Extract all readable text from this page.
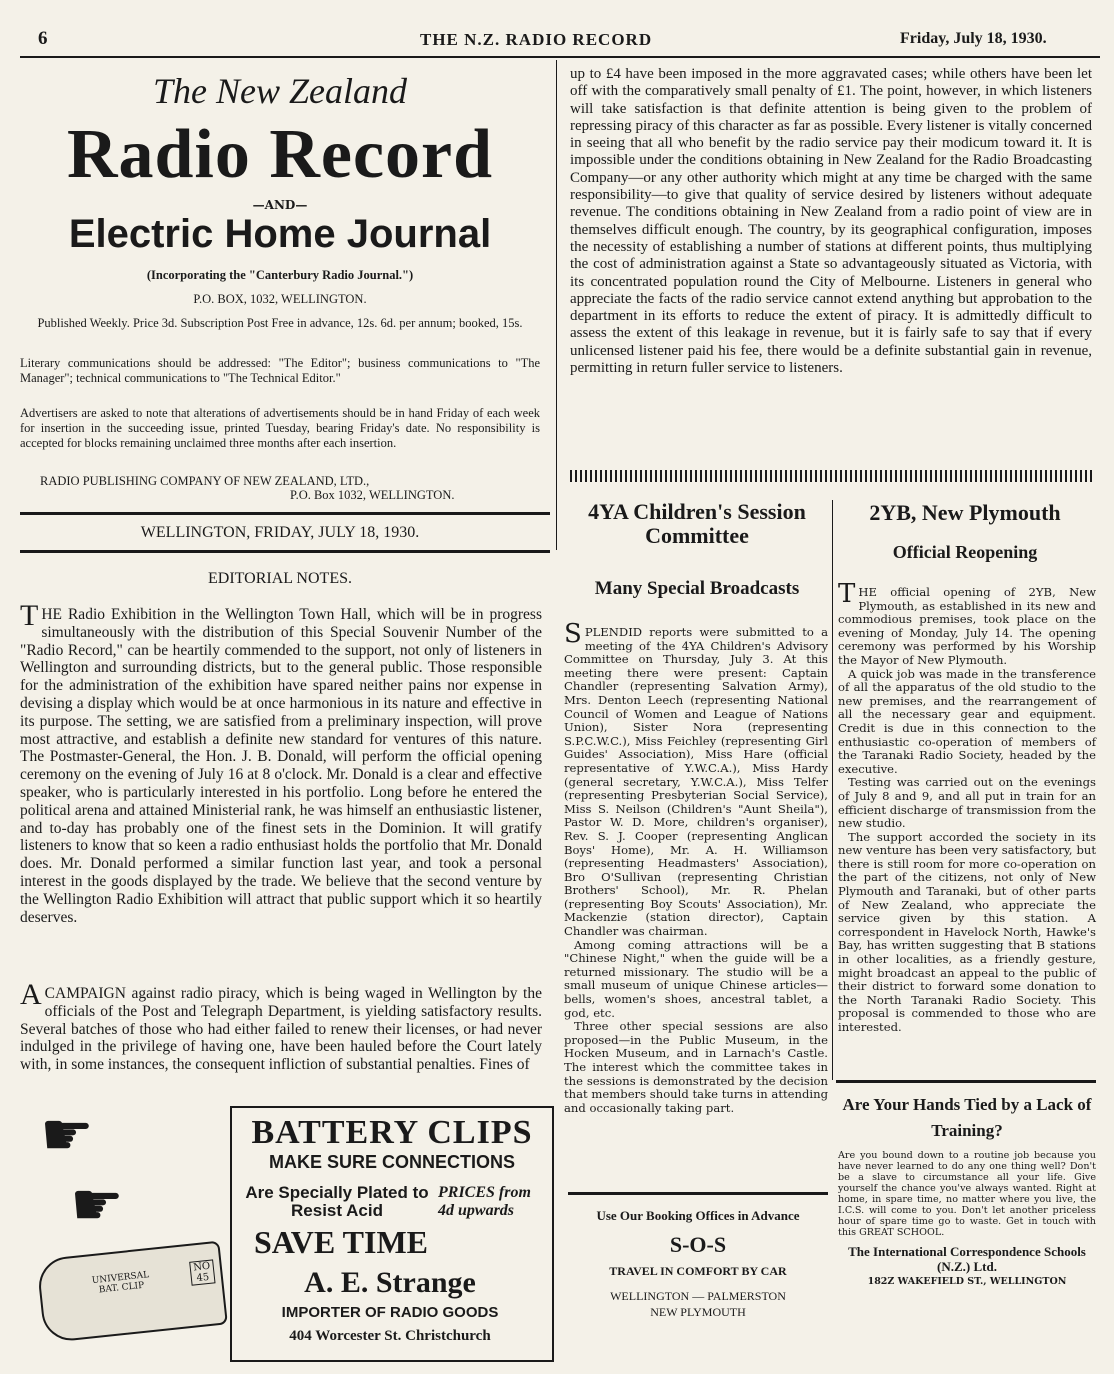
6	THE N.Z. RADIO RECORD	Friday, July 18, 1930.
The New Zealand
Radio Record
—AND—
Electric Home Journal
(Incorporating the "Canterbury Radio Journal.")
P.O. BOX, 1032, WELLINGTON.
Published Weekly. Price 3d. Subscription Post Free in advance, 12s. 6d. per annum; booked, 15s.
Literary communications should be addressed: "The Editor"; business communications to "The Manager"; technical communications to "The Technical Editor."
Advertisers are asked to note that alterations of advertisements should be in hand Friday of each week for insertion in the succeeding issue, printed Tuesday, bearing Friday's date. No responsibility is accepted for blocks remaining unclaimed three months after each insertion.
RADIO PUBLISHING COMPANY OF NEW ZEALAND, LTD.,
P.O. Box 1032, WELLINGTON.
WELLINGTON, FRIDAY, JULY 18, 1930.
EDITORIAL NOTES.
THE Radio Exhibition in the Wellington Town Hall, which will be in progress simultaneously with the distribution of this Special Souvenir Number of the "Radio Record," can be heartily commended to the support, not only of listeners in Wellington and surrounding districts, but to the general public. Those responsible for the administration of the exhibition have spared neither pains nor expense in devising a display which would be at once harmonious in its nature and effective in its purpose. The setting, we are satisfied from a preliminary inspection, will prove most attractive, and establish a definite new standard for ventures of this nature. The Postmaster-General, the Hon. J. B. Donald, will perform the official opening ceremony on the evening of July 16 at 8 o'clock. Mr. Donald is a clear and effective speaker, who is particularly interested in his portfolio. Long before he entered the political arena and attained Ministerial rank, he was himself an enthusiastic listener, and to-day has probably one of the finest sets in the Dominion. It will gratify listeners to know that so keen a radio enthusiast holds the portfolio that Mr. Donald does. Mr. Donald performed a similar function last year, and took a personal interest in the goods displayed by the trade. We believe that the second venture by the Wellington Radio Exhibition will attract that public support which it so heartily deserves.
ACAMPAIGN against radio piracy, which is being waged in Wellington by the officials of the Post and Telegraph Department, is yielding satisfactory results. Several batches of those who had either failed to renew their licenses, or had never indulged in the privilege of having one, have been hauled before the Court lately with, in some instances, the consequent infliction of substantial penalties. Fines of
up to £4 have been imposed in the more aggravated cases; while others have been let off with the comparatively small penalty of £1. The point, however, in which listeners will take satisfaction is that definite attention is being given to the problem of repressing piracy of this character as far as possible. Every listener is vitally concerned in seeing that all who benefit by the radio service pay their modicum toward it. It is impossible under the conditions obtaining in New Zealand for the Radio Broadcasting Company—or any other authority which might at any time be charged with the same responsibility—to give that quality of service desired by listeners without adequate revenue. The conditions obtaining in New Zealand from a radio point of view are in themselves difficult enough. The country, by its geographical configuration, imposes the necessity of establishing a number of stations at different points, thus multiplying the cost of administration against a State so advantageously situated as Victoria, with its concentrated population round the City of Melbourne. Listeners in general who appreciate the facts of the radio service cannot extend anything but approbation to the department in its efforts to reduce the extent of piracy. It is admittedly difficult to assess the extent of this leakage in revenue, but it is fairly safe to say that if every unlicensed listener paid his fee, there would be a definite substantial gain in revenue, permitting in return fuller service to listeners.
4YA Children's Session Committee
Many Special Broadcasts
SPLENDID reports were submitted to a meeting of the 4YA Children's Advisory Committee on Thursday, July 3. At this meeting there were present: Captain Chandler (representing Salvation Army), Mrs. Denton Leech (representing National Council of Women and League of Nations Union), Sister Nora (representing S.P.C.W.C.), Miss Feichley (representing Girl Guides' Association), Miss Hare (official representative of Y.W.C.A.), Miss Hardy (general secretary, Y.W.C.A.), Miss Telfer (representing Presbyterian Social Service), Miss S. Neilson (Children's "Aunt Sheila"), Pastor W. D. More, children's organiser), Rev. S. J. Cooper (representing Anglican Boys' Home), Mr. A. H. Williamson (representing Headmasters' Association), Bro O'Sullivan (representing Christian Brothers' School), Mr. R. Phelan (representing Boy Scouts' Association), Mr. Mackenzie (station director), Captain Chandler was chairman.
Among coming attractions will be a "Chinese Night," when the guide will be a returned missionary. The studio will be a small museum of unique Chinese articles—bells, women's shoes, ancestral tablet, a god, etc.
Three other special sessions are also proposed—in the Public Museum, in the Hocken Museum, and in Larnach's Castle. The interest which the committee takes in the sessions is demonstrated by the decision that members should take turns in attending and occasionally taking part.
2YB, New Plymouth
Official Reopening
THE official opening of 2YB, New Plymouth, as established in its new and commodious premises, took place on the evening of Monday, July 14. The opening ceremony was performed by his Worship the Mayor of New Plymouth.
A quick job was made in the transference of all the apparatus of the old studio to the new premises, and the rearrangement of all the necessary gear and equipment. Credit is due in this connection to the enthusiastic co-operation of members of the Taranaki Radio Society, headed by the executive.
Testing was carried out on the evenings of July 8 and 9, and all put in train for an efficient discharge of transmission from the new studio.
The support accorded the society in its new venture has been very satisfactory, but there is still room for more co-operation on the part of the citizens, not only of New Plymouth and Taranaki, but of other parts of New Zealand, who appreciate the service given by this station. A correspondent in Havelock North, Hawke's Bay, has written suggesting that B stations in other localities, as a friendly gesture, might broadcast an appeal to the public of their district to forward some donation to the North Taranaki Radio Society. This proposal is commended to those who are interested.
Are Your Hands Tied by a Lack of Training?
Are you bound down to a routine job because you have never learned to do any one thing well? Don't be a slave to circumstance all your life. Give yourself the chance you've always wanted. Right at home, in spare time, no matter where you live, the I.C.S. will come to you. Don't let another priceless hour of spare time go to waste. Get in touch with this GREAT SCHOOL.
The International Correspondence Schools (N.Z.) Ltd.
182Z WAKEFIELD ST., WELLINGTON
☛
☛
UNIVERSAL BAT. CLIP
NO 45
BATTERY CLIPS
MAKE SURE CONNECTIONS
Are Specially Plated to Resist Acid
PRICES from 4d upwards
SAVE TIME
A. E. Strange
IMPORTER OF RADIO GOODS
404 Worcester St. Christchurch
Use Our Booking Offices in Advance
S-O-S
TRAVEL IN COMFORT BY CAR
WELLINGTON — PALMERSTON NEW PLYMOUTH
